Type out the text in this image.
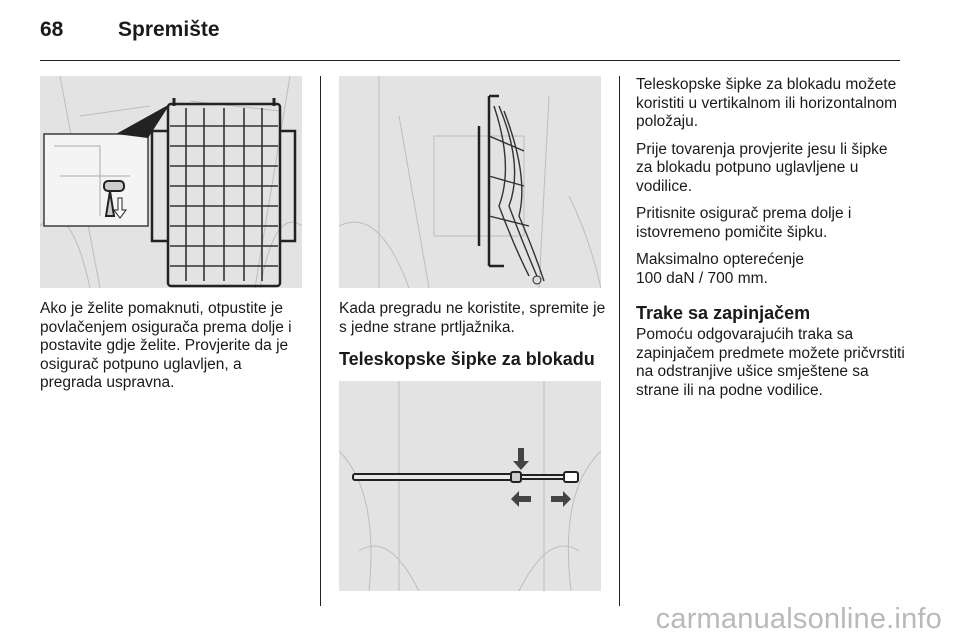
68	Spremište

Ako je želite pomaknuti, otpustite je povlačenjem osigurača prema dolje i postavite gdje želite. Provjerite da je osigurač potpuno uglavljen, a pregrada uspravna.

Kada pregradu ne koristite, spremite je s jedne strane prtljažnika.

Teleskopske šipke za blokadu

Teleskopske šipke za blokadu možete koristiti u vertikalnom ili horizontalnom položaju.

Prije tovarenja provjerite jesu li šipke za blokadu potpuno uglavljene u vodilice.

Pritisnite osigurač prema dolje i istovremeno pomičite šipku.

Maksimalno opterećenje
100 daN / 700 mm.

Trake sa zapinjačem

Pomoću odgovarajućih traka sa zapinjačem predmete možete pričvrstiti na odstranjive ušice smještene sa strane ili na podne vodilice.

carmanualsonline.info
